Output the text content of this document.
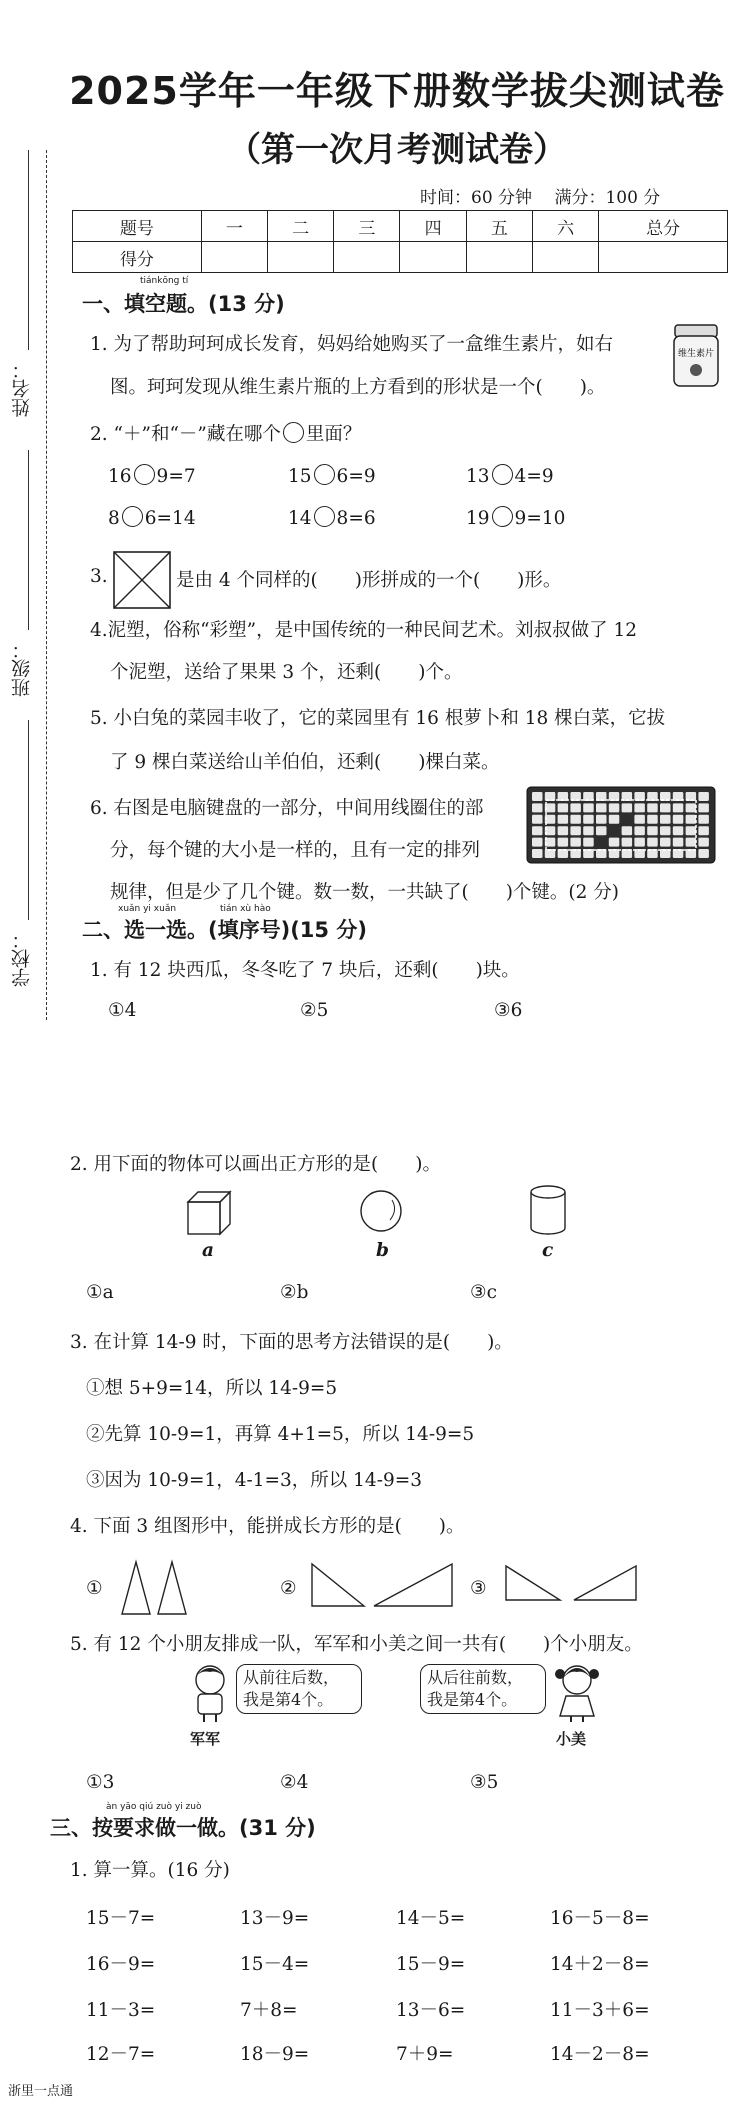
2025学年一年级下册数学拔尖测试卷
（第一次月考测试卷）
时间：60 分钟　 满分：100 分
题号	一	二	三	四	五	六	总分
得分							
姓名：
班级：
学校：
tiánkōng tí
一、填空题。(13 分)
1. 为了帮助珂珂成长发育，妈妈给她购买了一盒维生素片，如右
图。珂珂发现从维生素片瓶的上方看到的形状是一个(　　)。
维生素片
2. “＋”和“－”藏在哪个 里面？
16 9=7	15 6=9	13 4=9
8 6=14	14 8=6	19 9=10
3.	是由 4 个同样的(　　)形拼成的一个(　　)形。
4.泥塑，俗称“彩塑”，是中国传统的一种民间艺术。刘叔叔做了 12
个泥塑，送给了果果 3 个，还剩(　　)个。
5. 小白兔的菜园丰收了，它的菜园里有 16 根萝卜和 18 棵白菜，它拔
了 9 棵白菜送给山羊伯伯，还剩(　　)棵白菜。
6. 右图是电脑键盘的一部分，中间用线圈住的部
分，每个键的大小是一样的，且有一定的排列
规律，但是少了几个键。数一数，一共缺了(　　)个键。(2 分)
xuǎn yi xuǎn	tián xù hào
二、选一选。(填序号)(15 分)
1. 有 12 块西瓜，冬冬吃了 7 块后，还剩(　　)块。
①4	②5	③6
2. 用下面的物体可以画出正方形的是(　　)。
a	b	c
①a	②b	③c
3. 在计算 14-9 时，下面的思考方法错误的是(　　)。
①想 5+9=14，所以 14-9=5
②先算 10-9=1，再算 4+1=5，所以 14-9=5
③因为 10-9=1，4-1=3，所以 14-9=3
4. 下面 3 组图形中，能拼成长方形的是(　　)。
①	②	③
5. 有 12 个小朋友排成一队，军军和小美之间一共有(　　)个小朋友。
从前往后数，
我是第4个。
军军
从后往前数，
我是第4个。
小美
①3	②4	③5
àn yāo qiú zuò yi zuò
三、按要求做一做。(31 分)
1. 算一算。(16 分)
15－7=	13－9=	14－5=	16－5－8=
16－9=	15－4=	15－9=	14＋2－8=
11－3=	7＋8=	13－6=	11－3＋6=
12－7=	18－9=	7＋9=	14－2－8=
浙里一点通
